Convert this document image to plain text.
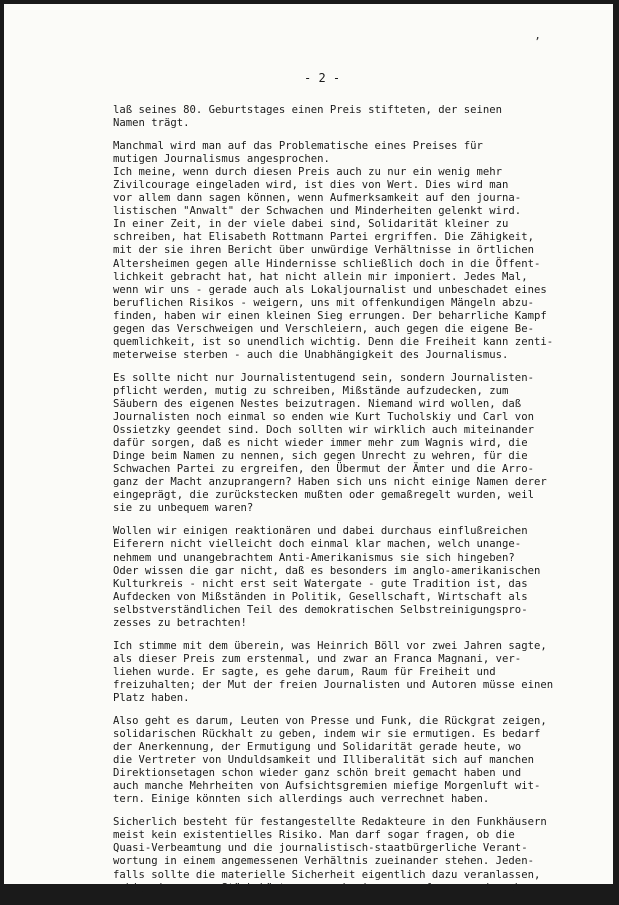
’
- 2 -
laß seines 80. Geburtstages einen Preis stifteten, der seinen
Namen trägt.
Manchmal wird man auf das Problematische eines Preises für
mutigen Journalismus angesprochen.
Ich meine, wenn durch diesen Preis auch zu nur ein wenig mehr
Zivilcourage eingeladen wird, ist dies von Wert. Dies wird man
vor allem dann sagen können, wenn Aufmerksamkeit auf den journa-
listischen "Anwalt" der Schwachen und Minderheiten gelenkt wird.
In einer Zeit, in der viele dabei sind, Solidarität kleiner zu
schreiben, hat Elisabeth Rottmann Partei ergriffen. Die Zähigkeit,
mit der sie ihren Bericht über unwürdige Verhältnisse in örtlichen
Altersheimen gegen alle Hindernisse schließlich doch in die Öffent-
lichkeit gebracht hat, hat nicht allein mir imponiert. Jedes Mal,
wenn wir uns - gerade auch als Lokaljournalist und unbeschadet eines
beruflichen Risikos - weigern, uns mit offenkundigen Mängeln abzu-
finden, haben wir einen kleinen Sieg errungen. Der beharrliche Kampf
gegen das Verschweigen und Verschleiern, auch gegen die eigene Be-
quemlichkeit, ist so unendlich wichtig. Denn die Freiheit kann zenti-
meterweise sterben - auch die Unabhängigkeit des Journalismus.
Es sollte nicht nur Journalistentugend sein, sondern Journalisten-
pflicht werden, mutig zu schreiben, Mißstände aufzudecken, zum
Säubern des eigenen Nestes beizutragen. Niemand wird wollen, daß
Journalisten noch einmal so enden wie Kurt Tucholskiy und Carl von
Ossietzky geendet sind. Doch sollten wir wirklich auch miteinander
dafür sorgen, daß es nicht wieder immer mehr zum Wagnis wird, die
Dinge beim Namen zu nennen, sich gegen Unrecht zu wehren, für die
Schwachen Partei zu ergreifen, den Übermut der Ämter und die Arro-
ganz der Macht anzuprangern? Haben sich uns nicht einige Namen derer
eingeprägt, die zurückstecken mußten oder gemaßregelt wurden, weil
sie zu unbequem waren?
Wollen wir einigen reaktionären und dabei durchaus einflußreichen
Eiferern nicht vielleicht doch einmal klar machen, welch unange-
nehmem und unangebrachtem Anti-Amerikanismus sie sich hingeben?
Oder wissen die gar nicht, daß es besonders im anglo-amerikanischen
Kulturkreis - nicht erst seit Watergate - gute Tradition ist, das
Aufdecken von Mißständen in Politik, Gesellschaft, Wirtschaft als
selbstverständlichen Teil des demokratischen Selbstreinigungspro-
zesses zu betrachten!
Ich stimme mit dem überein, was Heinrich Böll vor zwei Jahren sagte,
als dieser Preis zum erstenmal, und zwar an Franca Magnani, ver-
liehen wurde. Er sagte, es gehe darum, Raum für Freiheit und
freizuhalten; der Mut der freien Journalisten und Autoren müsse einen
Platz haben.
Also geht es darum, Leuten von Presse und Funk, die Rückgrat zeigen,
solidarischen Rückhalt zu geben, indem wir sie ermutigen. Es bedarf
der Anerkennung, der Ermutigung und Solidarität gerade heute, wo
die Vertreter von Unduldsamkeit und Illiberalität sich auf manchen
Direktionsetagen schon wieder ganz schön breit gemacht haben und
auch manche Mehrheiten von Aufsichtsgremien miefige Morgenluft wit-
tern. Einige könnten sich allerdings auch verrechnet haben.
Sicherlich besteht für festangestellte Redakteure in den Funkhäusern
meist kein existentielles Risiko. Man darf sogar fragen, ob die
Quasi-Verbeamtung und die journalistisch-staatbürgerliche Verant-
wortung in einem angemessenen Verhältnis zueinander stehen. Jeden-
falls sollte die materielle Sicherheit eigentlich dazu veranlassen,
ruhig ein ganzes Stück härter zu recherieren, zu fragen und nachzu-
